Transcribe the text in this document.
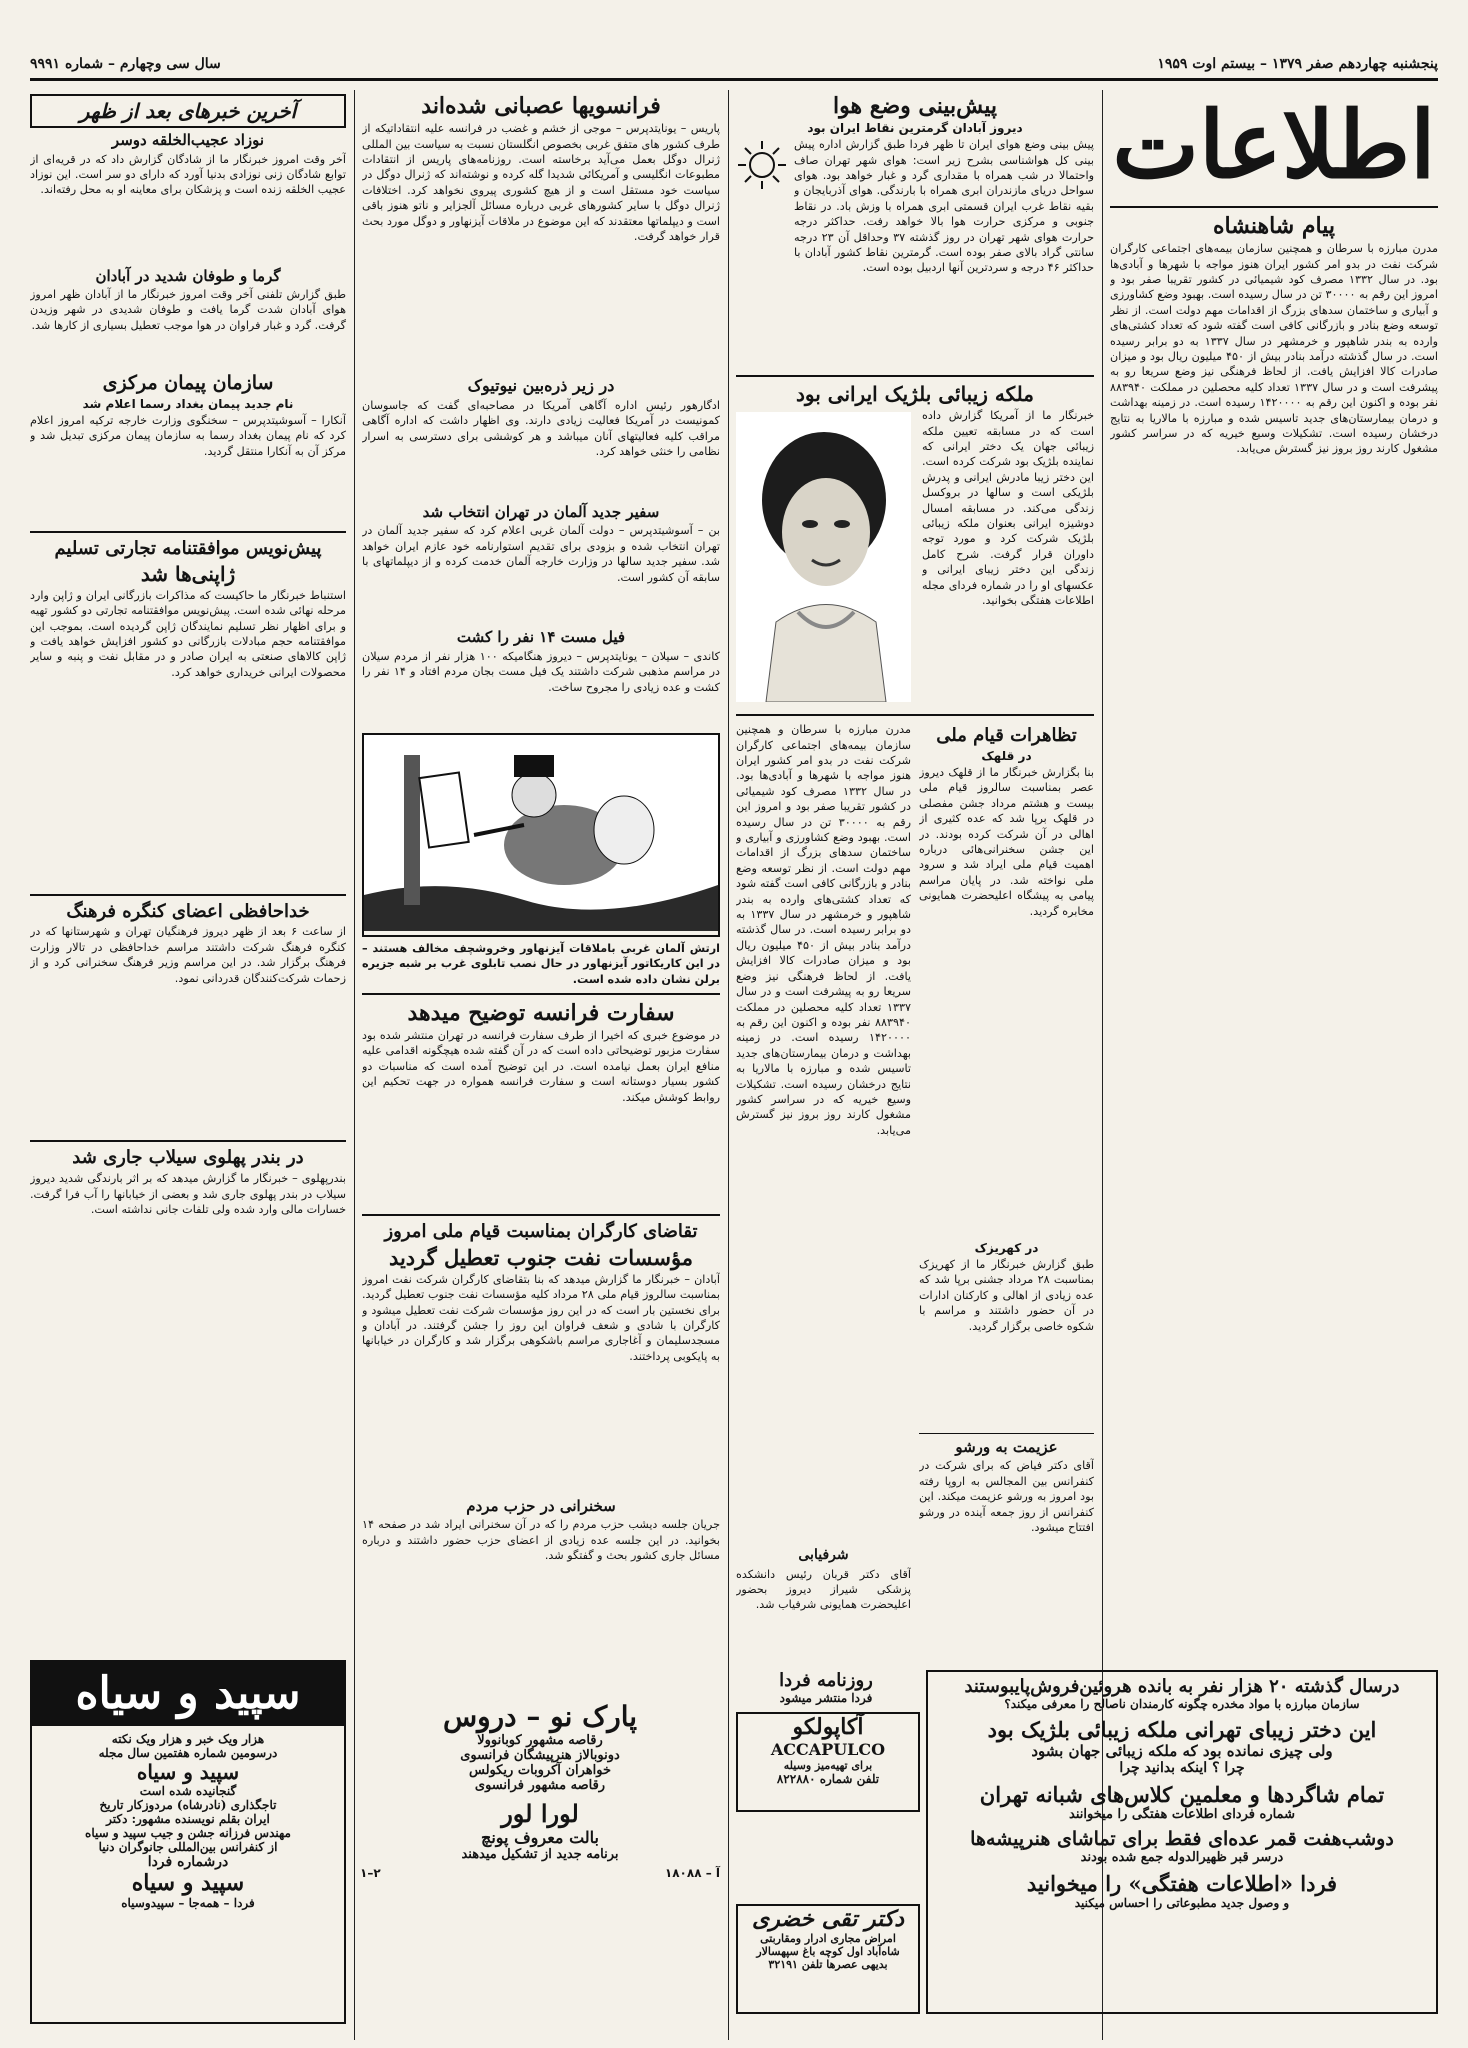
پنجشنبه چهاردهم صفر ۱۳۷۹ – بیستم اوت ۱۹۵۹
سال سی وچهارم – شماره ۹۹۹۱
اطلاعات
پیام شاهنشاه
مدرن مبارزه با سرطان و همچنین سازمان بیمه‌های اجتماعی کارگران شرکت نفت در بدو امر کشور ایران هنوز مواجه با شهرها و آبادی‌ها بود. در سال ۱۳۳۲ مصرف کود شیمیائی در کشور تقریبا صفر بود و امروز این رقم به ۳۰۰۰۰ تن در سال رسیده است. بهبود وضع کشاورزی و آبیاری و ساختمان سدهای بزرگ از اقدامات مهم دولت است. از نظر توسعه وضع بنادر و بازرگانی کافی است گفته شود که تعداد کشتی‌های وارده به بندر شاهپور و خرمشهر در سال ۱۳۳۷ به دو برابر رسیده است. در سال گذشته درآمد بنادر بیش از ۴۵۰ میلیون ریال بود و میزان صادرات کالا افزایش یافت. از لحاظ فرهنگی نیز وضع سریعا رو به پیشرفت است و در سال ۱۳۳۷ تعداد کلیه محصلین در مملکت ۸۸۳۹۴۰ نفر بوده و اکنون این رقم به ۱۴۲۰۰۰۰ رسیده است. در زمینه بهداشت و درمان بیمارستان‌های جدید تاسیس شده و مبارزه با مالاریا به نتایج درخشان رسیده است. تشکیلات وسیع خیریه که در سراسر کشور مشغول کارند روز بروز نیز گسترش می‌یابد.
پیش‌بینی وضع هوا
دیروز آبادان گرمترین نقاط ایران بود
پیش بینی وضع هوای ایران تا ظهر فردا طبق گزارش اداره پیش بینی کل هواشناسی بشرح زیر است: هوای شهر تهران صاف واحتمالا در شب همراه با مقداری گرد و غبار خواهد بود. هوای سواحل دریای مازندران ابری همراه با بارندگی. هوای آذربایجان و بقیه نقاط غرب ایران قسمتی ابری همراه با وزش باد. در نقاط جنوبی و مرکزی حرارت هوا بالا خواهد رفت. حداکثر درجه حرارت هوای شهر تهران در روز گذشته ۳۷ وحداقل آن ۲۳ درجه سانتی گراد بالای صفر بوده است. گرمترین نقاط کشور آبادان با حداکثر ۴۶ درجه و سردترین آنها اردبیل بوده است.
ملکه زیبائی بلژیک ایرانی بود
خبرنگار ما از آمریکا گزارش داده است که در مسابقه تعیین ملکه زیبائی جهان یک دختر ایرانی که نماینده بلژیک بود شرکت کرده است. این دختر زیبا مادرش ایرانی و پدرش بلژیکی است و سالها در بروکسل زندگی می‌کند. در مسابقه امسال دوشیزه ایرانی بعنوان ملکه زیبائی بلژیک شرکت کرد و مورد توجه داوران قرار گرفت. شرح کامل زندگی این دختر زیبای ایرانی و عکسهای او را در شماره فردای مجله اطلاعات هفتگی بخوانید.
تظاهرات قیام ملی
در قلهک
بنا بگزارش خبرنگار ما از قلهک دیروز عصر بمناسبت سالروز قیام ملی بیست و هشتم مرداد جشن مفصلی در قلهک برپا شد که عده کثیری از اهالی در آن شرکت کرده بودند. در این جشن سخنرانی‌هائی درباره اهمیت قیام ملی ایراد شد و سرود ملی نواخته شد. در پایان مراسم پیامی به پیشگاه اعلیحضرت همایونی مخابره گردید.
در کهریزک
طبق گزارش خبرنگار ما از کهریزک بمناسبت ۲۸ مرداد جشنی برپا شد که عده زیادی از اهالی و کارکنان ادارات در آن حضور داشتند و مراسم با شکوه خاصی برگزار گردید.
عزیمت به ورشو
آقای دکتر فیاض که برای شرکت در کنفرانس بین المجالس به اروپا رفته بود امروز به ورشو عزیمت میکند. این کنفرانس از روز جمعه آینده در ورشو افتتاح میشود.
مدرن مبارزه با سرطان و همچنین سازمان بیمه‌های اجتماعی کارگران شرکت نفت در بدو امر کشور ایران هنوز مواجه با شهرها و آبادی‌ها بود. در سال ۱۳۳۲ مصرف کود شیمیائی در کشور تقریبا صفر بود و امروز این رقم به ۳۰۰۰۰ تن در سال رسیده است. بهبود وضع کشاورزی و آبیاری و ساختمان سدهای بزرگ از اقدامات مهم دولت است. از نظر توسعه وضع بنادر و بازرگانی کافی است گفته شود که تعداد کشتی‌های وارده به بندر شاهپور و خرمشهر در سال ۱۳۳۷ به دو برابر رسیده است. در سال گذشته درآمد بنادر بیش از ۴۵۰ میلیون ریال بود و میزان صادرات کالا افزایش یافت. از لحاظ فرهنگی نیز وضع سریعا رو به پیشرفت است و در سال ۱۳۳۷ تعداد کلیه محصلین در مملکت ۸۸۳۹۴۰ نفر بوده و اکنون این رقم به ۱۴۲۰۰۰۰ رسیده است. در زمینه بهداشت و درمان بیمارستان‌های جدید تاسیس شده و مبارزه با مالاریا به نتایج درخشان رسیده است. تشکیلات وسیع خیریه که در سراسر کشور مشغول کارند روز بروز نیز گسترش می‌یابد.
شرفیابی
آقای دکتر قربان رئیس دانشکده پزشکی شیراز دیروز بحضور اعلیحضرت همایونی شرفیاب شد.
فرانسویها عصبانی شده‌اند
پاریس – یونایتدپرس – موجی از خشم و غضب در فرانسه علیه انتقاداتیکه از طرف کشور های متفق غربی بخصوص انگلستان نسبت به سیاست بین المللی ژنرال دوگل بعمل می‌آید برخاسته است. روزنامه‌های پاریس از انتقادات مطبوعات انگلیسی و آمریکائی شدیدا گله کرده و نوشته‌اند که ژنرال دوگل در سیاست خود مستقل است و از هیچ کشوری پیروی نخواهد کرد. اختلافات ژنرال دوگل با سایر کشورهای غربی درباره مسائل آلجزایر و ناتو هنوز باقی است و دیپلماتها معتقدند که این موضوع در ملاقات آیزنهاور و دوگل مورد بحث قرار خواهد گرفت.
در زیر ذره‌بین نیوتیوک
ادگارهور رئیس اداره آگاهی آمریکا در مصاحبه‌ای گفت که جاسوسان کمونیست در آمریکا فعالیت زیادی دارند. وی اظهار داشت که اداره آگاهی مراقب کلیه فعالیتهای آنان میباشد و هر کوششی برای دسترسی به اسرار نظامی را خنثی خواهد کرد.
سفیر جدید آلمان در تهران انتخاب شد
بن – آسوشیتدپرس – دولت آلمان غربی اعلام کرد که سفیر جدید آلمان در تهران انتخاب شده و بزودی برای تقدیم استوارنامه خود عازم ایران خواهد شد. سفیر جدید سالها در وزارت خارجه آلمان خدمت کرده و از دیپلماتهای با سابقه آن کشور است.
فیل مست ۱۴ نفر را کشت
کاندی – سیلان – یونایتدپرس – دیروز هنگامیکه ۱۰۰ هزار نفر از مردم سیلان در مراسم مذهبی شرکت داشتند یک فیل مست بجان مردم افتاد و ۱۴ نفر را کشت و عده زیادی را مجروح ساخت.
ارتش آلمان غربی باملاقات آیزنهاور وخروشچف مخالف هستند – در این کاریکاتور آیزنهاور در حال نصب تابلوی غرب بر شبه جزیره برلن نشان داده شده است.
سفارت فرانسه توضیح میدهد
در موضوع خبری که اخیرا از طرف سفارت فرانسه در تهران منتشر شده بود سفارت مزبور توضیحاتی داده است که در آن گفته شده هیچگونه اقدامی علیه منافع ایران بعمل نیامده است. در این توضیح آمده است که مناسبات دو کشور بسیار دوستانه است و سفارت فرانسه همواره در جهت تحکیم این روابط کوشش میکند.
تقاضای کارگران بمناسبت قیام ملی امروز
مؤسسات نفت جنوب تعطیل گردید
آبادان – خبرنگار ما گزارش میدهد که بنا بتقاضای کارگران شرکت نفت امروز بمناسبت سالروز قیام ملی ۲۸ مرداد کلیه مؤسسات نفت جنوب تعطیل گردید. برای نخستین بار است که در این روز مؤسسات شرکت نفت تعطیل میشود و کارگران با شادی و شعف فراوان این روز را جشن گرفتند. در آبادان و مسجدسلیمان و آغاجاری مراسم باشکوهی برگزار شد و کارگران در خیابانها به پایکوبی پرداختند.
سخنرانی در حزب مردم
جریان جلسه دیشب حزب مردم را که در آن سخنرانی ایراد شد در صفحه ۱۴ بخوانید. در این جلسه عده زیادی از اعضای حزب حضور داشتند و درباره مسائل جاری کشور بحث و گفتگو شد.
آخرین خبرهای بعد از ظهر
نوزاد عجیب‌الخلقه دوسر
آخر وقت امروز خبرنگار ما از شادگان گزارش داد که در قریه‌ای از توابع شادگان زنی نوزادی بدنیا آورد که دارای دو سر است. این نوزاد عجیب الخلقه زنده است و پزشکان برای معاینه او به محل رفته‌اند.
گرما و طوفان شدید در آبادان
طبق گزارش تلفنی آخر وقت امروز خبرنگار ما از آبادان ظهر امروز هوای آبادان شدت گرما یافت و طوفان شدیدی در شهر وزیدن گرفت. گرد و غبار فراوان در هوا موجب تعطیل بسیاری از کارها شد.
سازمان پیمان مرکزی
نام جدید پیمان بغداد رسما اعلام شد
آنکارا – آسوشیتدپرس – سخنگوی وزارت خارجه ترکیه امروز اعلام کرد که نام پیمان بغداد رسما به سازمان پیمان مرکزی تبدیل شد و مرکز آن به آنکارا منتقل گردید.
پیش‌نویس موافقتنامه تجارتی تسلیم
ژاپنی‌ها شد
استنباط خبرنگار ما حاکیست که مذاکرات بازرگانی ایران و ژاپن وارد مرحله نهائی شده است. پیش‌نویس موافقتنامه تجارتی دو کشور تهیه و برای اظهار نظر تسلیم نمایندگان ژاپن گردیده است. بموجب این موافقتنامه حجم مبادلات بازرگانی دو کشور افزایش خواهد یافت و ژاپن کالاهای صنعتی به ایران صادر و در مقابل نفت و پنبه و سایر محصولات ایرانی خریداری خواهد کرد.
خداحافظی اعضای کنگره فرهنگ
از ساعت ۶ بعد از ظهر دیروز فرهنگیان تهران و شهرستانها که در کنگره فرهنگ شرکت داشتند مراسم خداحافظی در تالار وزارت فرهنگ برگزار شد. در این مراسم وزیر فرهنگ سخنرانی کرد و از زحمات شرکت‌کنندگان قدردانی نمود.
در بندر پهلوی سیلاب جاری شد
بندرپهلوی – خبرنگار ما گزارش میدهد که بر اثر بارندگی شدید دیروز سیلاب در بندر پهلوی جاری شد و بعضی از خیابانها را آب فرا گرفت. خسارات مالی وارد شده ولی تلفات جانی نداشته است.
سپید و سیاه
هزار ویک خبر و هزار ویک نکته
درسومین شماره هفتمین سال مجله
سپید و سیاه
گنجانیده شده است
تاجگذاری (نادرشاه) مردوزکار تاریخ
ایران بقلم نویسنده مشهور: دکتر
مهندس فرزانه جشن و جیب سپید و سیاه
از کنفرانس بین‌المللی جانوگران دنیا
درشماره فردا
سپید و سیاه
فردا – همه‌جا – سپیدوسیاه
پارک نو – دروس
رقاصه مشهور کوبانوولا
دونوبالاز هنرپیشگان فرانسوی
خواهران آکروبات ریکولس
رقاصه مشهور فرانسوی
لورا لور
بالت معروف پونچ
برنامه جدید از تشکیل میدهند
آ – ۱۸۰۸۸
۲–۱
روزنامه فردا
فردا منتشر میشود
آکاپولکو
ACCAPULCO
برای تهیه‌میز وسیله
تلفن شماره ۸۲۲۸۸۰
دکتر تقی خضری
امراض مجاری ادرار ومقاربتی
شاه‌آباد اول کوچه باغ سپهسالار
بدیهی عصرها تلفن ۳۲۱۹۱
درسال گذشته ۲۰ هزار نفر به بانده هروئین‌فروش‌پایبوستند
سازمان مبارزه با مواد مخدره چگونه کارمندان ناصالح را معرفی میکند؟
این دختر زیبای تهرانی ملکه زیبائی بلژیک بود
ولی چیزی نمانده بود که ملکه زیبائی جهان بشود
چرا ؟ اینکه بدانید چرا
تمام شاگردها و معلمین کلاس‌های شبانه تهران
شماره فردای اطلاعات هفتگی را میخوانند
دوشب‌هفت قمر عده‌ای فقط برای تماشای هنرپیشه‌ها
درسر قبر ظهیرالدوله جمع شده بودند
فردا «اطلاعات هفتگی» را میخوانید
و وصول جدید مطبوعاتی را احساس میکنید
